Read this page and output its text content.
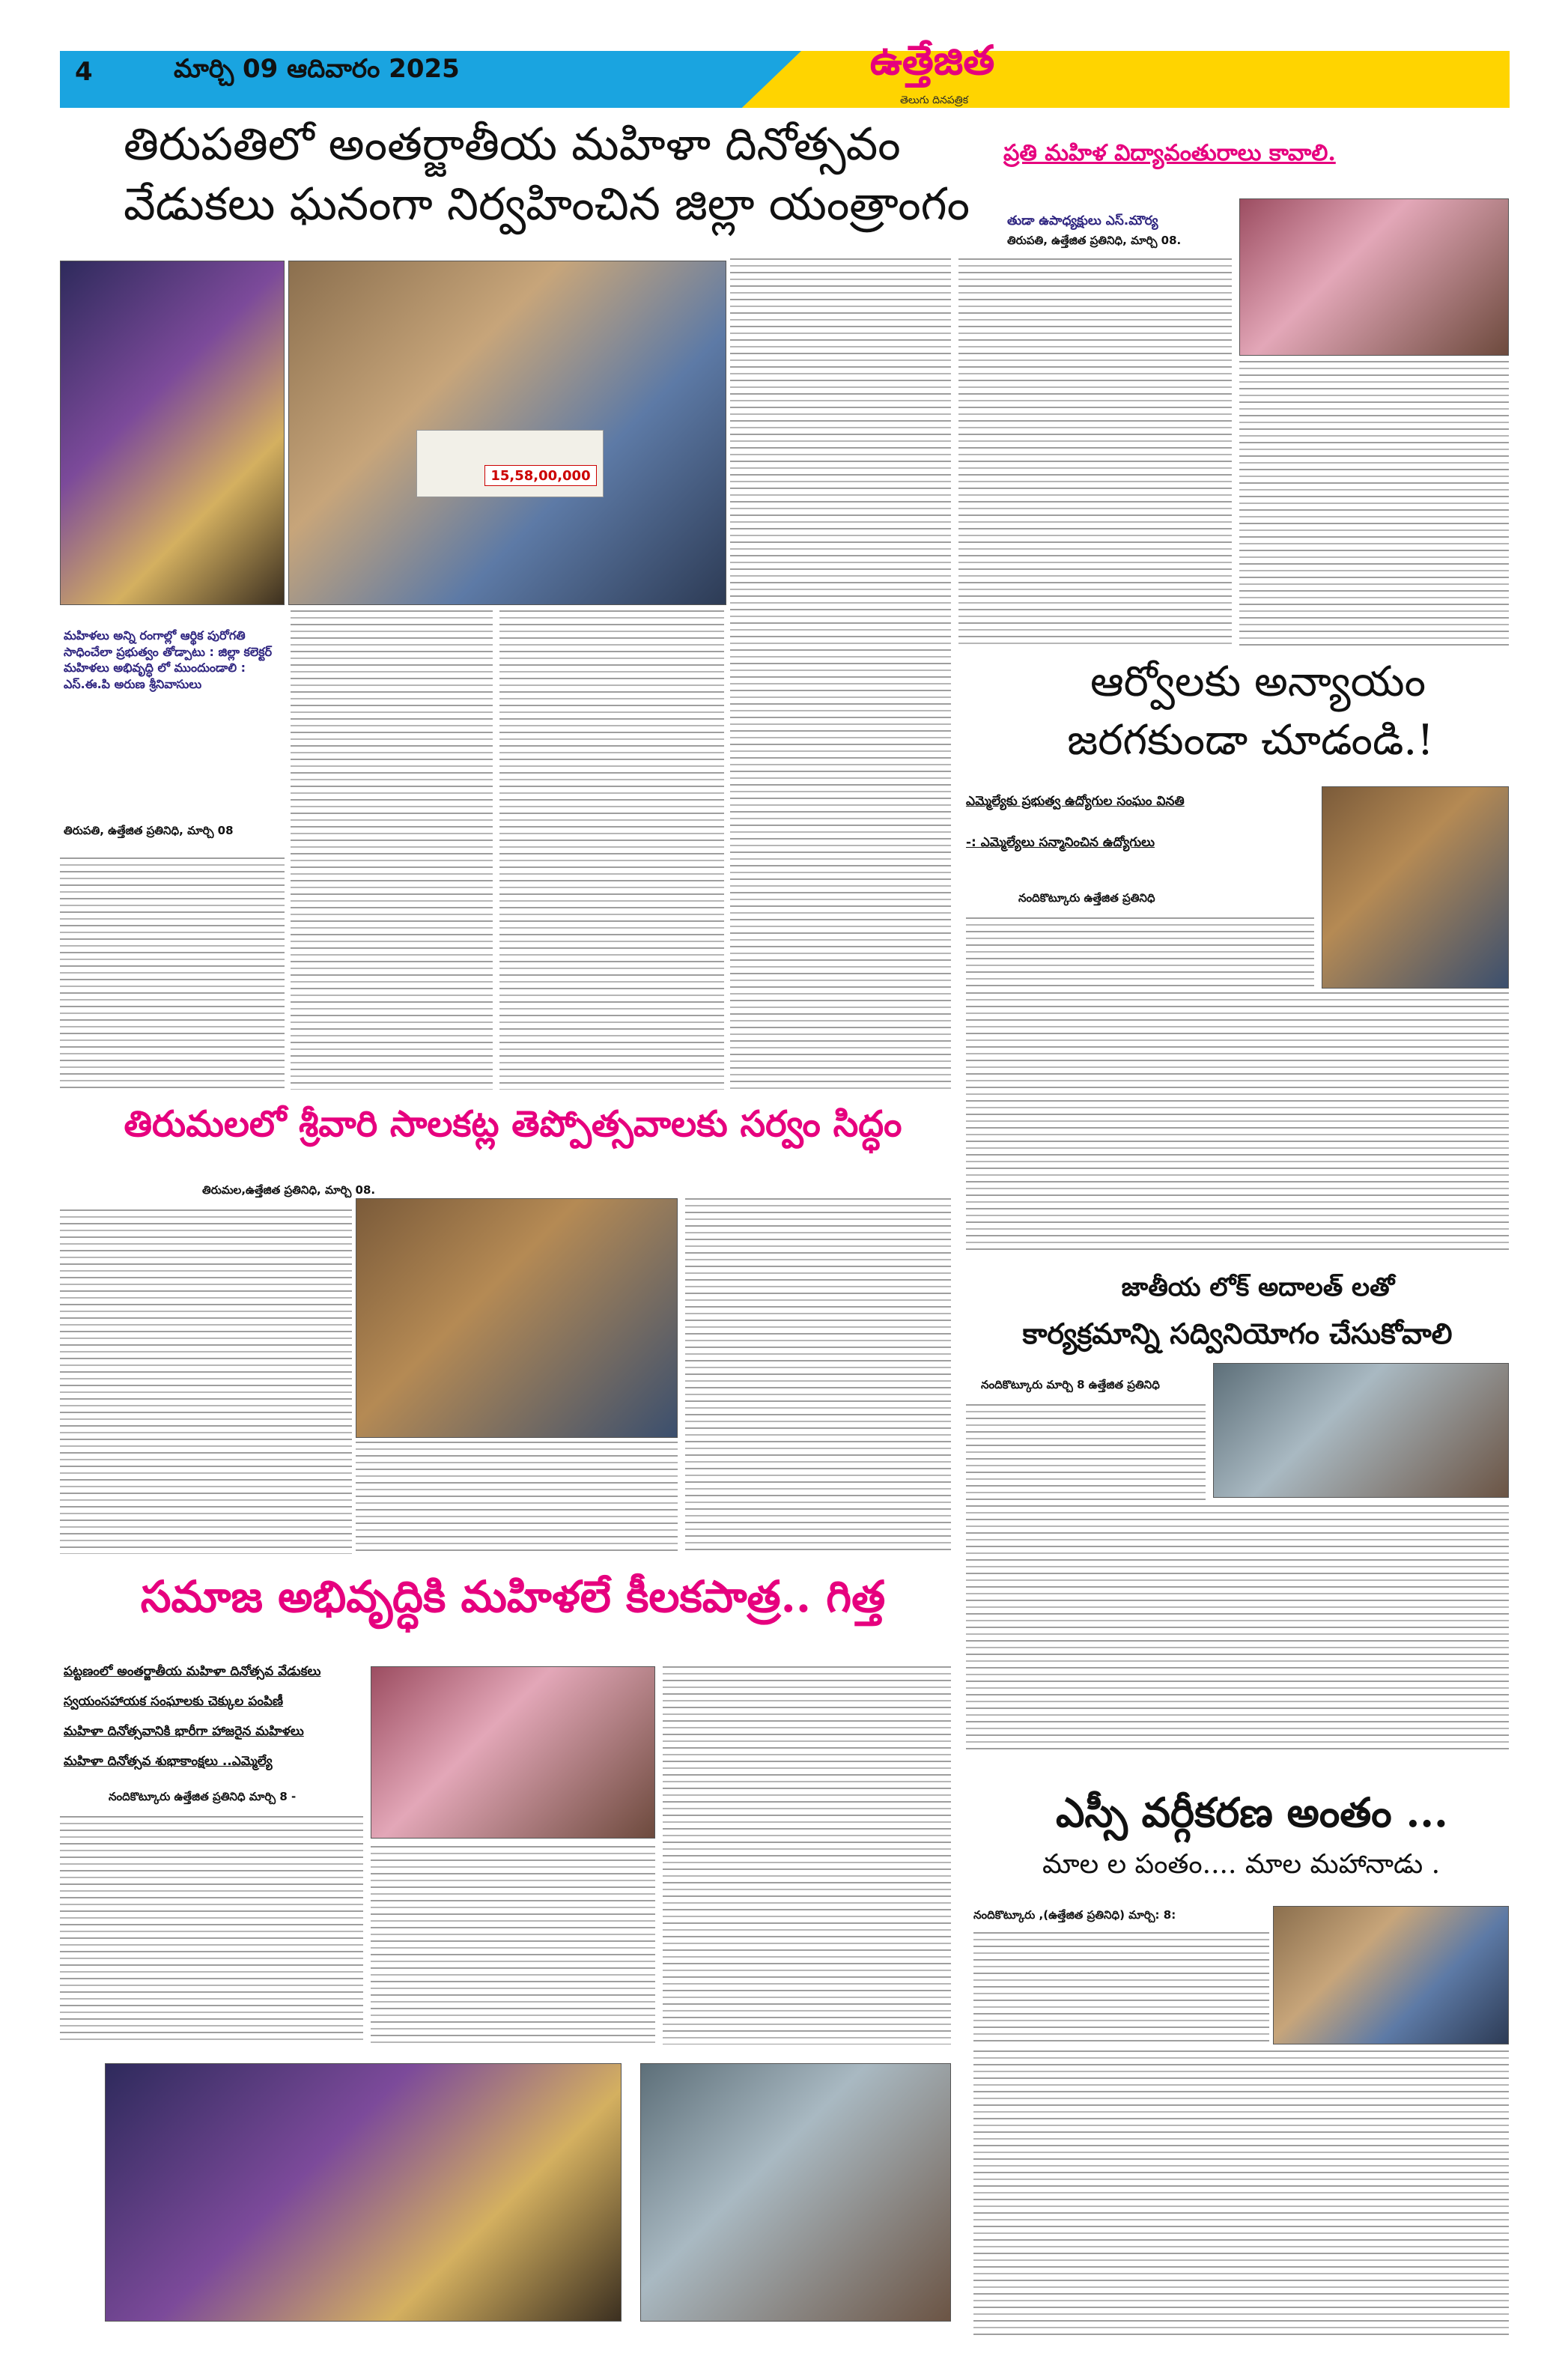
4	మార్చి 09 ఆదివారం 2025	ఉత్తేజిత
తెలుగు దినపత్రిక
తిరుపతిలో అంతర్జాతీయ మహిళా దినోత్సవం
వేడుకలు ఘనంగా నిర్వహించిన జిల్లా యంత్రాంగం
15,58,00,000
మహిళలు అన్ని రంగాల్లో ఆర్థిక పురోగతి సాధించేలా ప్రభుత్వం తోడ్పాటు : జిల్లా కలెక్టర్ మహిళలు అభివృద్ధి లో ముందుండాలి : ఎస్.ఈ.పి అరుణ శ్రీనివాసులు
తిరుపతి, ఉత్తేజిత ప్రతినిధి, మార్చి 08
ప్రతి మహిళ విద్యావంతురాలు కావాలి.
తుడా ఉపాధ్యక్షులు ఎస్.మౌర్య
తిరుపతి, ఉత్తేజిత ప్రతినిధి, మార్చి 08.
ఆర్వోలకు అన్యాయం
జరగకుండా చూడండి.!
ఎమ్మెల్యేకు ప్రభుత్వ ఉద్యోగుల సంఘం వినతి
-: ఎమ్మెల్యేలు సన్మానించిన ఉద్యోగులు
నందికొట్కూరు ఉత్తేజిత ప్రతినిధి
జాతీయ లోక్ అదాలత్ లతో
కార్యక్రమాన్ని సద్వినియోగం చేసుకోవాలి
నందికొట్కూరు మార్చి 8 ఉత్తేజిత ప్రతినిధి
ఎస్సీ వర్గీకరణ అంతం ...
మాల ల పంతం.... మాల మహానాడు .
నందికొట్కూరు ,(ఉత్తేజిత ప్రతినిధి) మార్చి: 8:
తిరుమలలో శ్రీవారి సాలకట్ల తెప్పోత్సవాలకు సర్వం సిద్ధం
తిరుమల,ఉత్తేజిత ప్రతినిధి, మార్చి 08.
సమాజ అభివృద్ధికి మహిళలే కీలకపాత్ర.. గిత్త
పట్టణంలో అంతర్జాతీయ మహిళా దినోత్సవ వేడుకలు
స్వయంసహాయక సంఘాలకు చెక్కుల పంపిణీ
మహిళా దినోత్సవానికి భారీగా హాజరైన మహిళలు
మహిళా దినోత్సవ శుభాకాంక్షలు ..ఎమ్మెల్యే
నందికొట్కూరు ఉత్తేజిత ప్రతినిధి మార్చి 8 -
